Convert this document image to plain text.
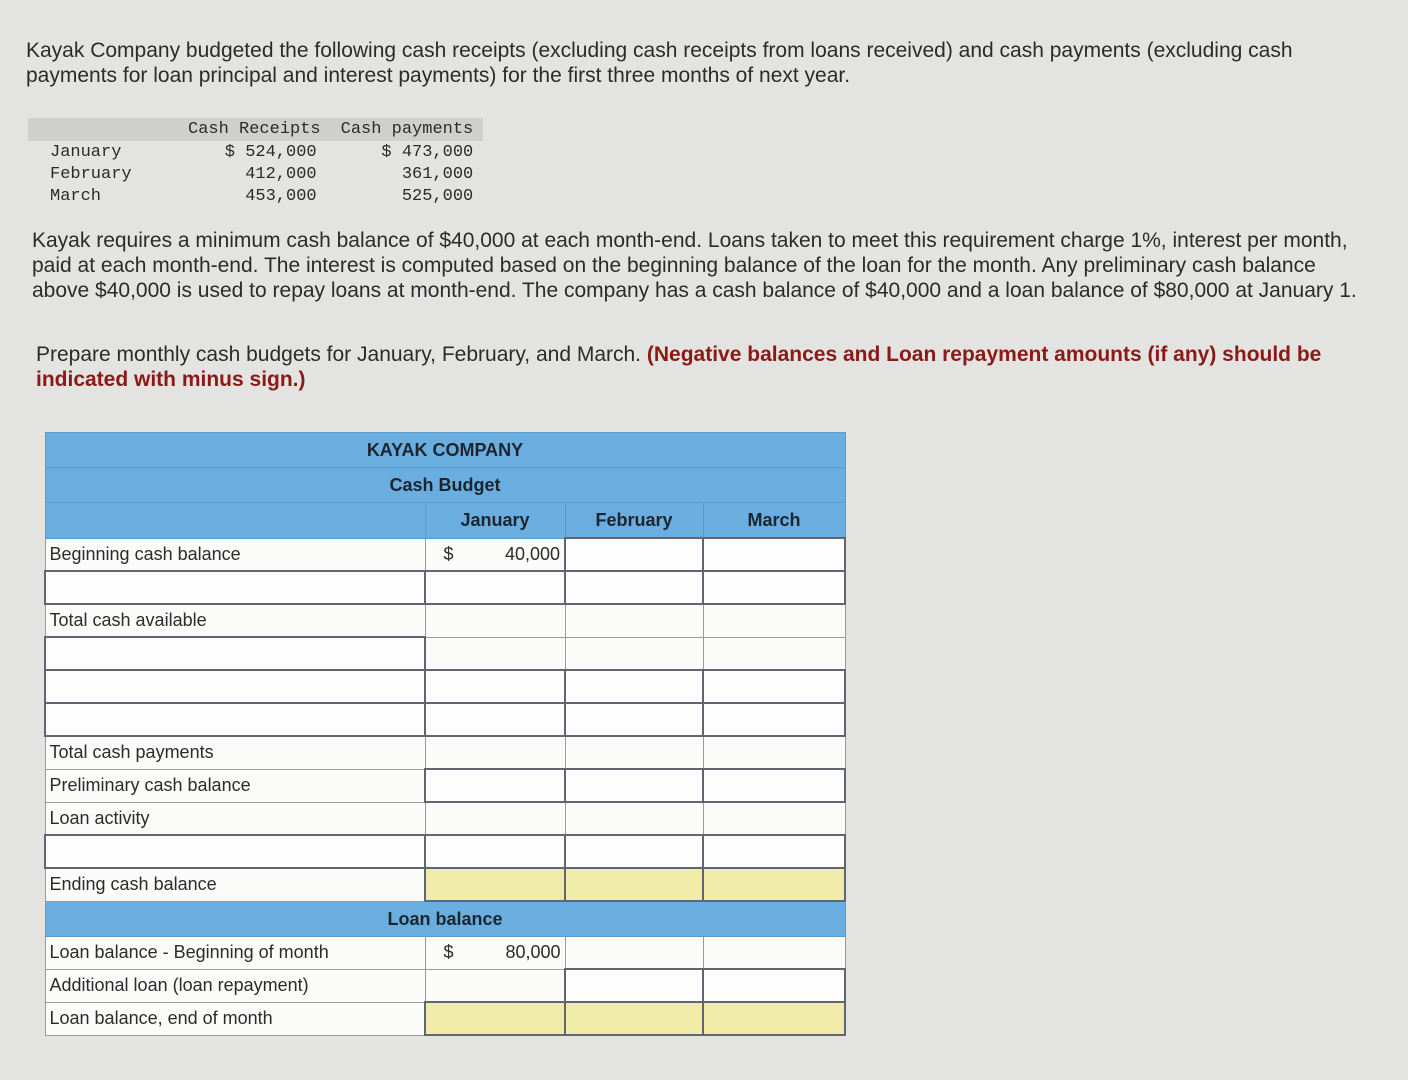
Kayak Company budgeted the following cash receipts (excluding cash receipts from loans received) and cash payments (excluding cash payments for loan principal and interest payments) for the first three months of next year.
	Cash Receipts	Cash payments
January	$ 524,000	$ 473,000
February	412,000	361,000
March	453,000	525,000
Kayak requires a minimum cash balance of $40,000 at each month-end. Loans taken to meet this requirement charge 1%, interest per month, paid at each month-end. The interest is computed based on the beginning balance of the loan for the month. Any preliminary cash balance above $40,000 is used to repay loans at month-end. The company has a cash balance of $40,000 and a loan balance of $80,000 at January 1.
Prepare monthly cash budgets for January, February, and March. (Negative balances and Loan repayment amounts (if any) should be indicated with minus sign.)
KAYAK COMPANY			
Cash Budget			
	January	February	March
Beginning cash balance	$ 40,000		

Total cash available			

Total cash payments			
Preliminary cash balance			
Loan activity			

Ending cash balance			
Loan balance			
Loan balance - Beginning of month	$ 80,000		
Additional loan (loan repayment)			
Loan balance, end of month			
